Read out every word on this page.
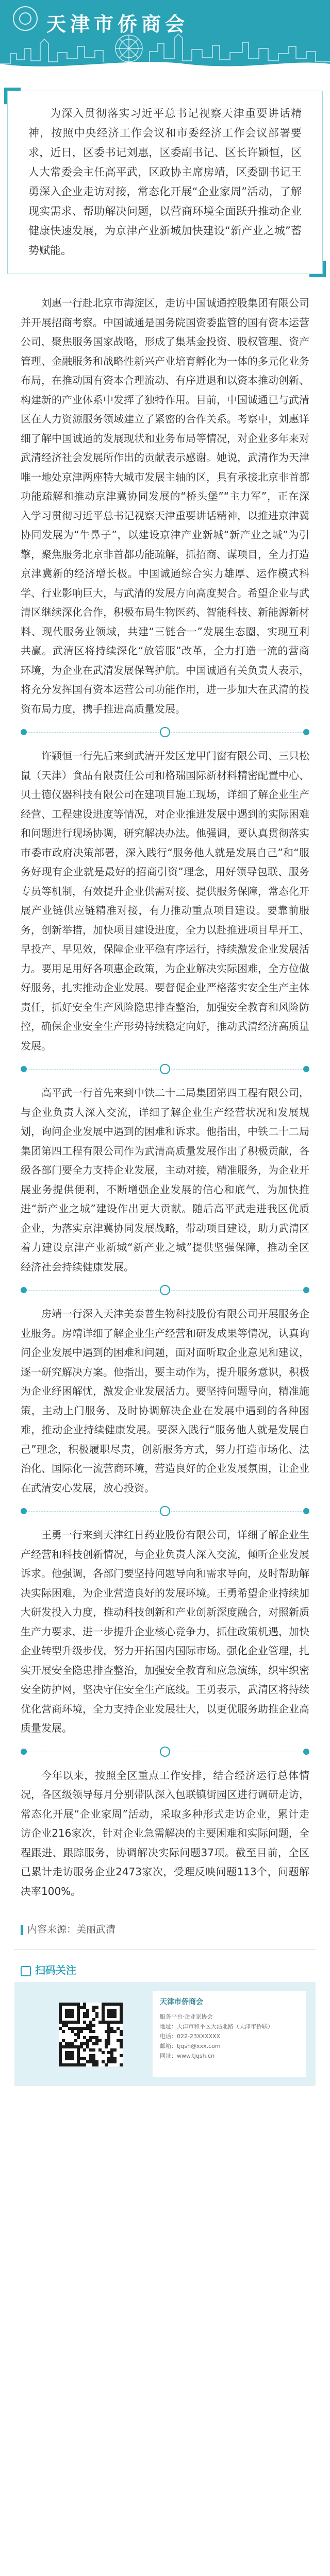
天津市侨商会

为深入贯彻落实习近平总书记视察天津重要讲话精神，按照中央经济工作会议和市委经济工作会议部署要求，近日，区委书记刘惠，区委副书记、区长许颖恒，区人大常委会主任高平武，区政协主席房靖，区委副书记王勇深入企业走访对接，常态化开展“企业家周”活动，了解现实需求、帮助解决问题，以营商环境全面跃升推动企业健康快速发展，为京津产业新城加快建设“新产业之城”蓄势赋能。

刘惠一行赴北京市海淀区，走访中国诚通控股集团有限公司并开展招商考察。中国诚通是国务院国资委监管的国有资本运营公司，聚焦服务国家战略，形成了集基金投资、股权管理、资产管理、金融服务和战略性新兴产业培育孵化为一体的多元化业务布局，在推动国有资本合理流动、有序进退和以资本推动创新、构建新的产业体系中发挥了独特作用。目前，中国诚通已与武清区在人力资源服务领域建立了紧密的合作关系。考察中，刘惠详细了解中国诚通的发展现状和业务布局等情况，对企业多年来对武清经济社会发展所作出的贡献表示感谢。她说，武清作为天津唯一地处京津两座特大城市发展主轴的区，具有承接北京非首都功能疏解和推动京津冀协同发展的“桥头堡”“主力军”，正在深入学习贯彻习近平总书记视察天津重要讲话精神，以推进京津冀协同发展为“牛鼻子”，以建设京津产业新城“新产业之城”为引擎，聚焦服务北京非首都功能疏解，抓招商、谋项目，全力打造京津冀新的经济增长极。中国诚通综合实力雄厚、运作模式科学、行业影响巨大，与武清的发展方向高度契合。希望企业与武清区继续深化合作，积极布局生物医药、智能科技、新能源新材料、现代服务业领域，共建“三链合一”发展生态圈，实现互利共赢。武清区将持续深化“放管服”改革，全力打造一流的营商环境，为企业在武清发展保驾护航。中国诚通有关负责人表示，将充分发挥国有资本运营公司功能作用，进一步加大在武清的投资布局力度，携手推进高质量发展。

许颖恒一行先后来到武清开发区龙甲门窗有限公司、三只松鼠（天津）食品有限责任公司和格瑞国际新材料精密配置中心、贝士德仪器科技有限公司在建项目施工现场，详细了解企业生产经营、工程建设进度等情况，对企业推进发展中遇到的实际困难和问题进行现场协调，研究解决办法。他强调，要认真贯彻落实市委市政府决策部署，深入践行“服务他人就是发展自己”和“服务好现有企业就是最好的招商引资”理念，用好领导包联、服务专员等机制，有效提升企业供需对接、提供服务保障，常态化开展产业链供应链精准对接，有力推动重点项目建设。要靠前服务，创新举措，加快项目建设进度，全力以赴推进项目早开工、早投产、早见效，保障企业平稳有序运行，持续激发企业发展活力。要用足用好各项惠企政策，为企业解决实际困难，全方位做好服务，扎实推动企业发展。要督促企业严格落实安全生产主体责任，抓好安全生产风险隐患排查整治，加强安全教育和风险防控，确保企业安全生产形势持续稳定向好，推动武清经济高质量发展。

高平武一行首先来到中铁二十二局集团第四工程有限公司，与企业负责人深入交流，详细了解企业生产经营状况和发展规划，询问企业发展中遇到的困难和诉求。他指出，中铁二十二局集团第四工程有限公司作为武清高质量发展作出了积极贡献，各级各部门要全力支持企业发展，主动对接，精准服务，为企业开展业务提供便利，不断增强企业发展的信心和底气，为加快推进“新产业之城”建设作出更大贡献。随后高平武走进我区优质企业，为落实京津冀协同发展战略，带动项目建设，助力武清区着力建设京津产业新城“新产业之城”提供坚强保障，推动全区经济社会持续健康发展。

房靖一行深入天津美泰普生物科技股份有限公司开展服务企业服务。房靖详细了解企业生产经营和研发成果等情况，认真询问企业发展中遇到的困难和问题，面对面听取企业意见和建议，逐一研究解决方案。他指出，要主动作为，提升服务意识，积极为企业纾困解忧，激发企业发展活力。要坚持问题导向，精准施策，主动上门服务，及时协调解决企业在发展中遇到的各种困难，推动企业持续健康发展。要深入践行“服务他人就是发展自己”理念，积极履职尽责，创新服务方式，努力打造市场化、法治化、国际化一流营商环境，营造良好的企业发展氛围，让企业在武清安心发展，放心投资。

王勇一行来到天津红日药业股份有限公司，详细了解企业生产经营和科技创新情况，与企业负责人深入交流，倾听企业发展诉求。他强调，各部门要坚持问题导向和需求导向，及时帮助解决实际困难，为企业营造良好的发展环境。王勇希望企业持续加大研发投入力度，推动科技创新和产业创新深度融合，对照新质生产力要求，进一步提升企业核心竞争力，抓住政策机遇，加快企业转型升级步伐，努力开拓国内国际市场。强化企业管理，扎实开展安全隐患排查整治，加强安全教育和应急演练，织牢织密安全防护网，坚决守住安全生产底线。王勇表示，武清区将持续优化营商环境，全力支持企业发展壮大，以更优服务助推企业高质量发展。

今年以来，按照全区重点工作安排，结合经济运行总体情况，各区级领导每月分别带队深入包联镇街园区进行调研走访，常态化开展“企业家周”活动，采取多种形式走访企业，累计走访企业216家次，针对企业急需解决的主要困难和实际问题，全程跟进、跟踪服务，协调解决实际问题37项。截至目前，全区已累计走访服务企业2473家次，受理反映问题113个，问题解决率100%。

内容来源：美丽武清
扫码关注
天津市侨商会
服务平台·企业家协会
地址：天津市和平区大沽北路（天津市侨联）
电话：022-23XXXXXX
邮箱：tjqsh@xxx.com
网址：www.tjqsh.cn
